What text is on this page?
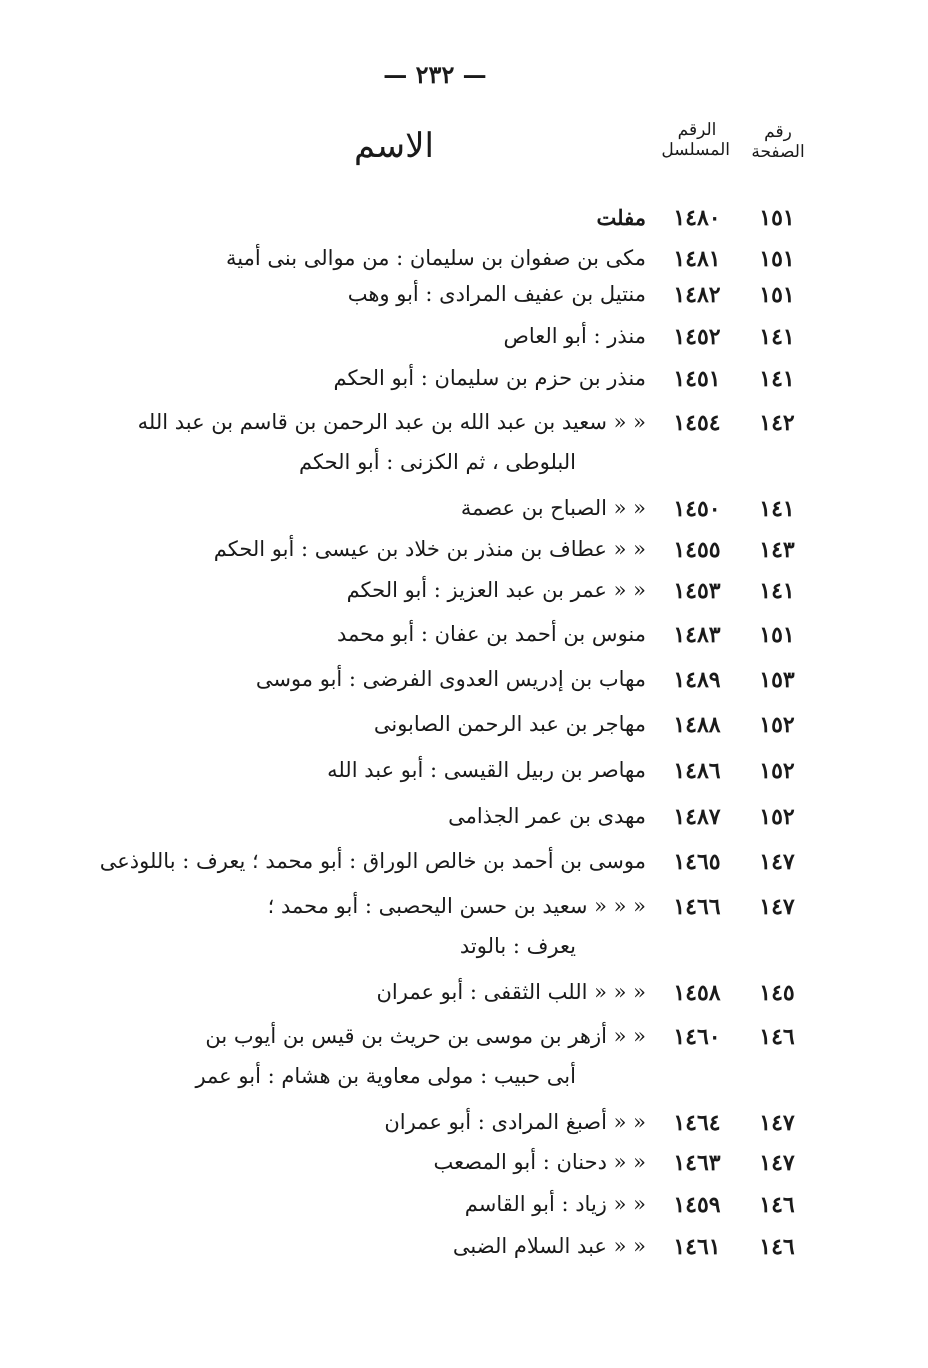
— ٢٣٢ —
رقم
الصفحة
الرقم
المسلسل
الاسم
١٥١
١٤٨٠
مفلت
١٥١
١٤٨١
مكى بن صفوان بن سليمان : من موالى بنى أمية
١٥١
١٤٨٢
منتيل بن عفيف المرادى : أبو وهب
١٤١
١٤٥٢
منذر : أبو العاص
١٤١
١٤٥١
منذر بن حزم بن سليمان : أبو الحكم
١٤٢
١٤٥٤
« « سعيد بن عبد الله بن عبد الرحمن بن قاسم بن عبد الله
البلوطى ، ثم الكزنى : أبو الحكم
١٤١
١٤٥٠
« « الصباح بن عصمة
١٤٣
١٤٥٥
« « عطاف بن منذر بن خلاد بن عيسى : أبو الحكم
١٤١
١٤٥٣
« « عمر بن عبد العزيز : أبو الحكم
١٥١
١٤٨٣
منوس بن أحمد بن عفان : أبو محمد
١٥٣
١٤٨٩
مهاب بن إدريس العدوى الفرضى : أبو موسى
١٥٢
١٤٨٨
مهاجر بن عبد الرحمن الصابونى
١٥٢
١٤٨٦
مهاصر بن ربيل القيسى : أبو عبد الله
١٥٢
١٤٨٧
مهدى بن عمر الجذامى
١٤٧
١٤٦٥
موسى بن أحمد بن خالص الوراق : أبو محمد ؛ يعرف : باللوذعى
١٤٧
١٤٦٦
« « « سعيد بن حسن اليحصبى : أبو محمد ؛
يعرف : بالوتد
١٤٥
١٤٥٨
« « « اللب الثقفى : أبو عمران
١٤٦
١٤٦٠
« « أزهر بن موسى بن حريث بن قيس بن أيوب بن
أبى حبيب : مولى معاوية بن هشام : أبو عمر
١٤٧
١٤٦٤
« « أصبغ المرادى : أبو عمران
١٤٧
١٤٦٣
« « دحنان : أبو المصعب
١٤٦
١٤٥٩
« « زياد : أبو القاسم
١٤٦
١٤٦١
« « عبد السلام الضبى
